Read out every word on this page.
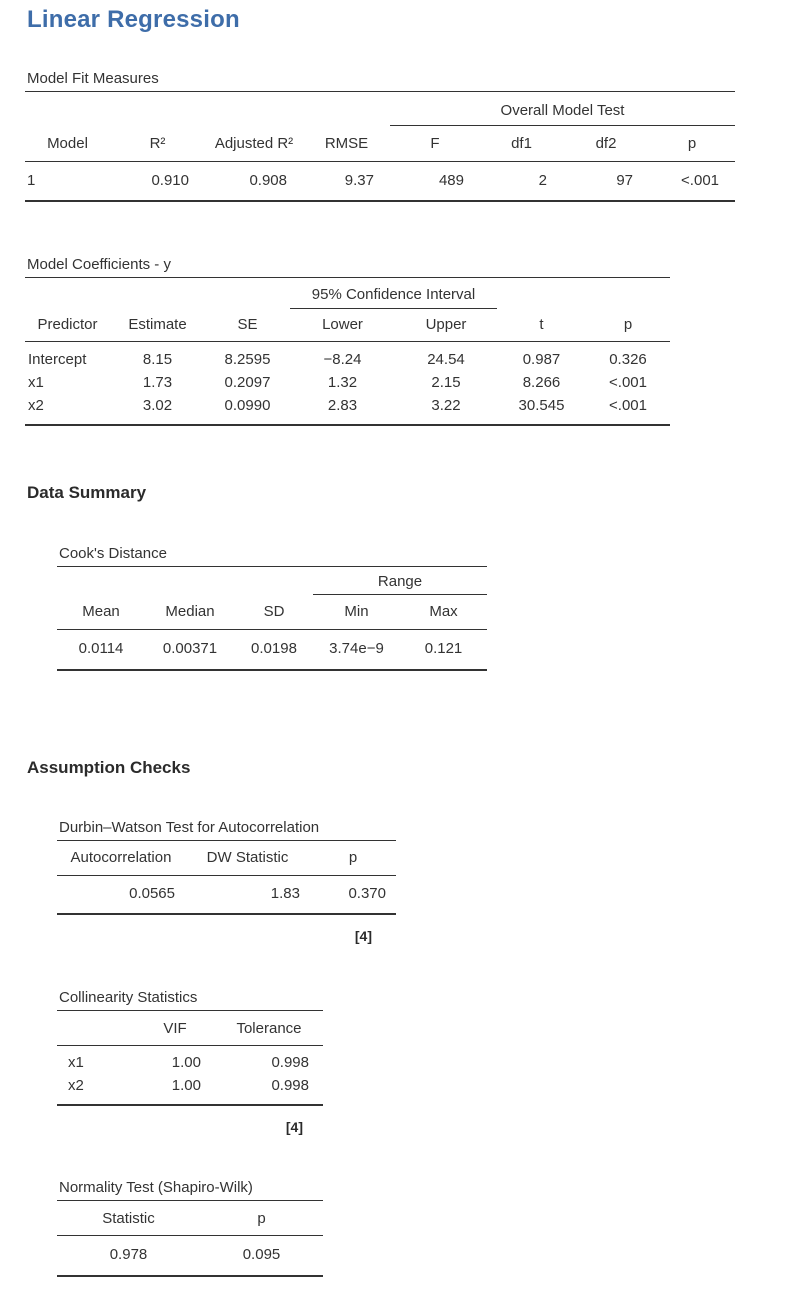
Linear Regression
Model Fit Measures
				Overall Model Test			
Model	R²	Adjusted R²	RMSE	F	df1	df2	p
1	0.910	0.908	9.37	489	2	97	<.001
Model Coefficients - y
			95% Confidence Interval			
Predictor	Estimate	SE	Lower	Upper	t	p
Intercept	8.15	8.2595	−8.24	24.54	0.987	0.326
x1	1.73	0.2097	1.32	2.15	8.266	<.001
x2	3.02	0.0990	2.83	3.22	30.545	<.001
Data Summary
Cook's Distance
			Range	
Mean	Median	SD	Min	Max
0.0114	0.00371	0.0198	3.74e−9	0.121
Assumption Checks
Durbin–Watson Test for Autocorrelation
Autocorrelation	DW Statistic	p
0.0565	1.83	0.370
[4]
Collinearity Statistics
	VIF	Tolerance
x1	1.00	0.998
x2	1.00	0.998
[4]
Normality Test (Shapiro-Wilk)
Statistic	p
0.978	0.095
